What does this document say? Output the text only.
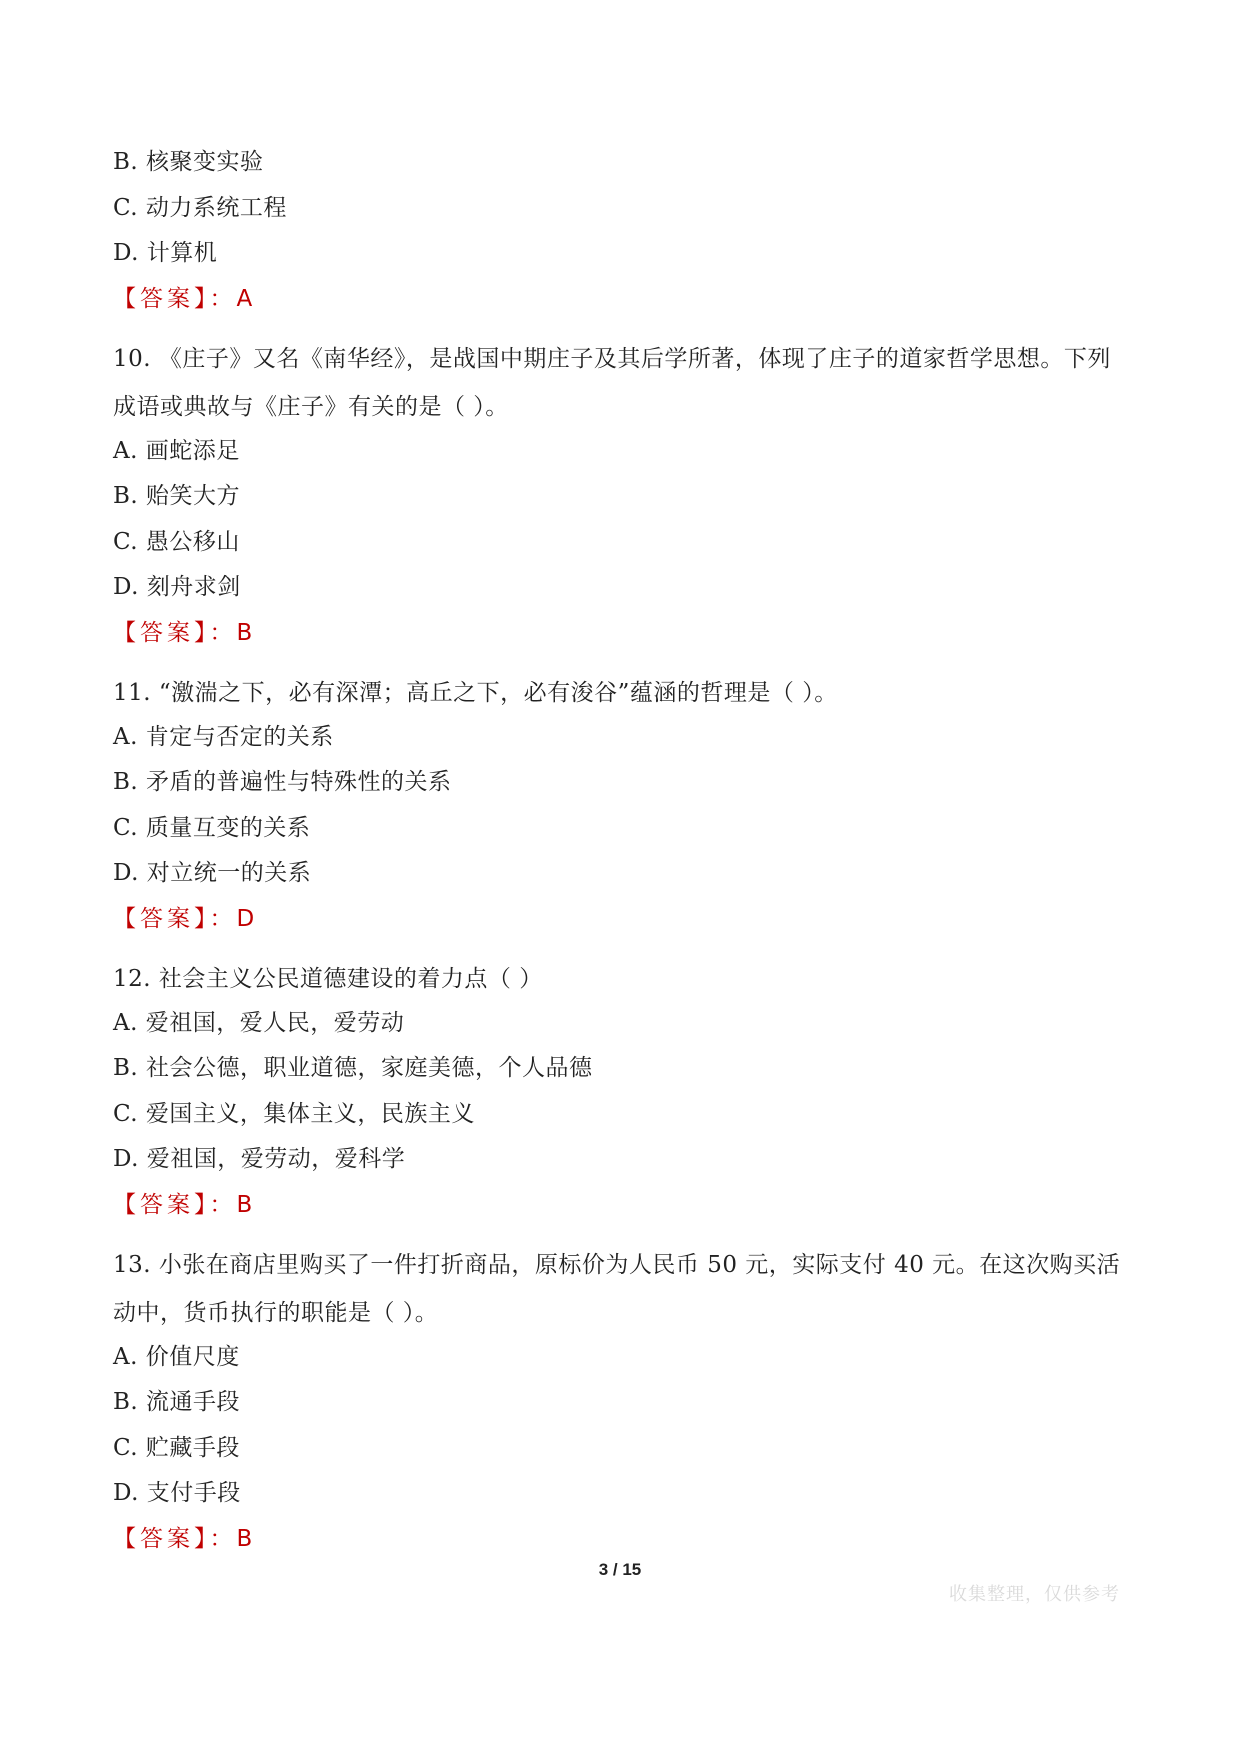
B. 核聚变实验

C. 动力系统工程

D. 计算机

【答案】：A

10. 《庄子》又名《南华经》，是战国中期庄子及其后学所著，体现了庄子的道家哲学思想。下列成语或典故与《庄子》有关的是（ ）。

A. 画蛇添足

B. 贻笑大方

C. 愚公移山

D. 刻舟求剑

【答案】：B

11. “激湍之下，必有深潭；高丘之下，必有浚谷”蕴涵的哲理是（ ）。

A. 肯定与否定的关系

B. 矛盾的普遍性与特殊性的关系

C. 质量互变的关系

D. 对立统一的关系

【答案】：D

12. 社会主义公民道德建设的着力点（ ）

A. 爱祖国，爱人民，爱劳动

B. 社会公德，职业道德，家庭美德，个人品德

C. 爱国主义，集体主义，民族主义

D. 爱祖国，爱劳动，爱科学

【答案】：B

13. 小张在商店里购买了一件打折商品，原标价为人民币 50 元，实际支付 40 元。在这次购买活动中，货币执行的职能是（ ）。

A. 价值尺度

B. 流通手段

C. 贮藏手段

D. 支付手段

【答案】：B

3 / 15
收集整理，仅供参考
